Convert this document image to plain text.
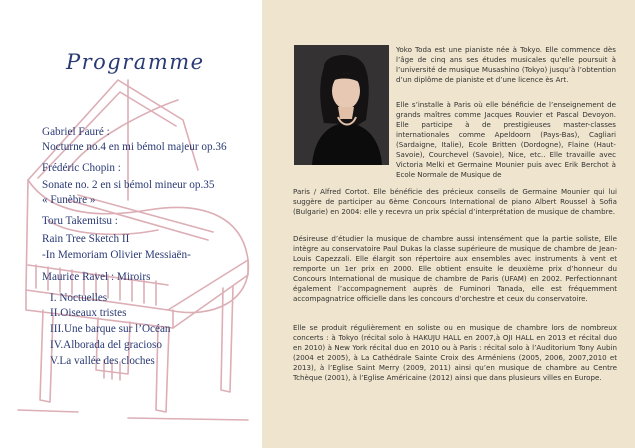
Programme
Gabriel Fauré :
Nocturne no.4 en mi bémol majeur op.36
Frédéric Chopin :
Sonate no. 2 en si bémol mineur op.35
« Funèbre »
Toru Takemitsu :
Rain Tree Sketch II
-In Memoriam Olivier Messiaën-
Maurice Ravel : Miroirs
I. Noctuelles
II.Oiseaux tristes
III.Une barque sur l’Océan
IV.Alborada del gracioso
V.La vallée des cloches
Yoko Toda est une pianiste née à Tokyo. Elle commence dès l’âge de cinq ans ses études musicales qu’elle poursuit à l’université de musique Musashino (Tokyo) jusqu’à l’obtention d’un diplôme de pianiste et d’une licence ès Art.
Elle s’installe à Paris où elle bénéficie de l’enseignement de grands maîtres comme Jacques Rouvier et Pascal Devoyon. Elle participe à de prestigieuses master-classes internationales comme Apeldoorn (Pays-Bas), Cagliari (Sardaigne, Italie), Ecole Britten (Dordogne), Flaine (Haut-Savoie), Courchevel (Savoie), Nice, etc.. Elle travaille avec Victoria Melki et Germaine Mounier puis avec Erik Berchot à Ecole Normale de Musique de
Paris / Alfred Cortot. Elle bénéficie des précieux conseils de Germaine Mounier qui lui suggère de participer au 6ème Concours International de piano Albert Roussel à Sofia (Bulgarie) en 2004: elle y recevra un prix spécial d’interprétation de musique de chambre.
Désireuse d’étudier la musique de chambre aussi intensément que la partie soliste, Elle intègre au conservatoire Paul Dukas la classe supérieure de musique de chambre de Jean-Louis Capezzali. Elle élargit son répertoire aux ensembles avec instruments à vent et remporte un 1er prix en 2000. Elle obtient ensuite le deuxième prix d’honneur du Concours International de musique de chambre de Paris (UFAM) en 2002. Perfectionnant également l’accompagnement auprès de Fuminori Tanada, elle est fréquemment accompagnatrice officielle dans les concours d’orchestre et ceux du conservatoire.
Elle se produit régulièrement en soliste ou en musique de chambre lors de nombreux concerts : à Tokyo (récital solo à HAKUJU HALL en 2007,à OJI HALL en 2013 et récital duo en 2010) à New York récital duo en 2010 ou à Paris : récital solo à l’Auditorium Tony Aubin (2004 et 2005), à La Cathédrale Sainte Croix des Arméniens (2005, 2006, 2007,2010 et 2013), à l’Eglise Saint Merry (2009, 2011) ainsi qu’en musique de chambre au Centre Tchèque (2001), à l’Eglise Américaine (2012) ainsi que dans plusieurs villes en Europe.
